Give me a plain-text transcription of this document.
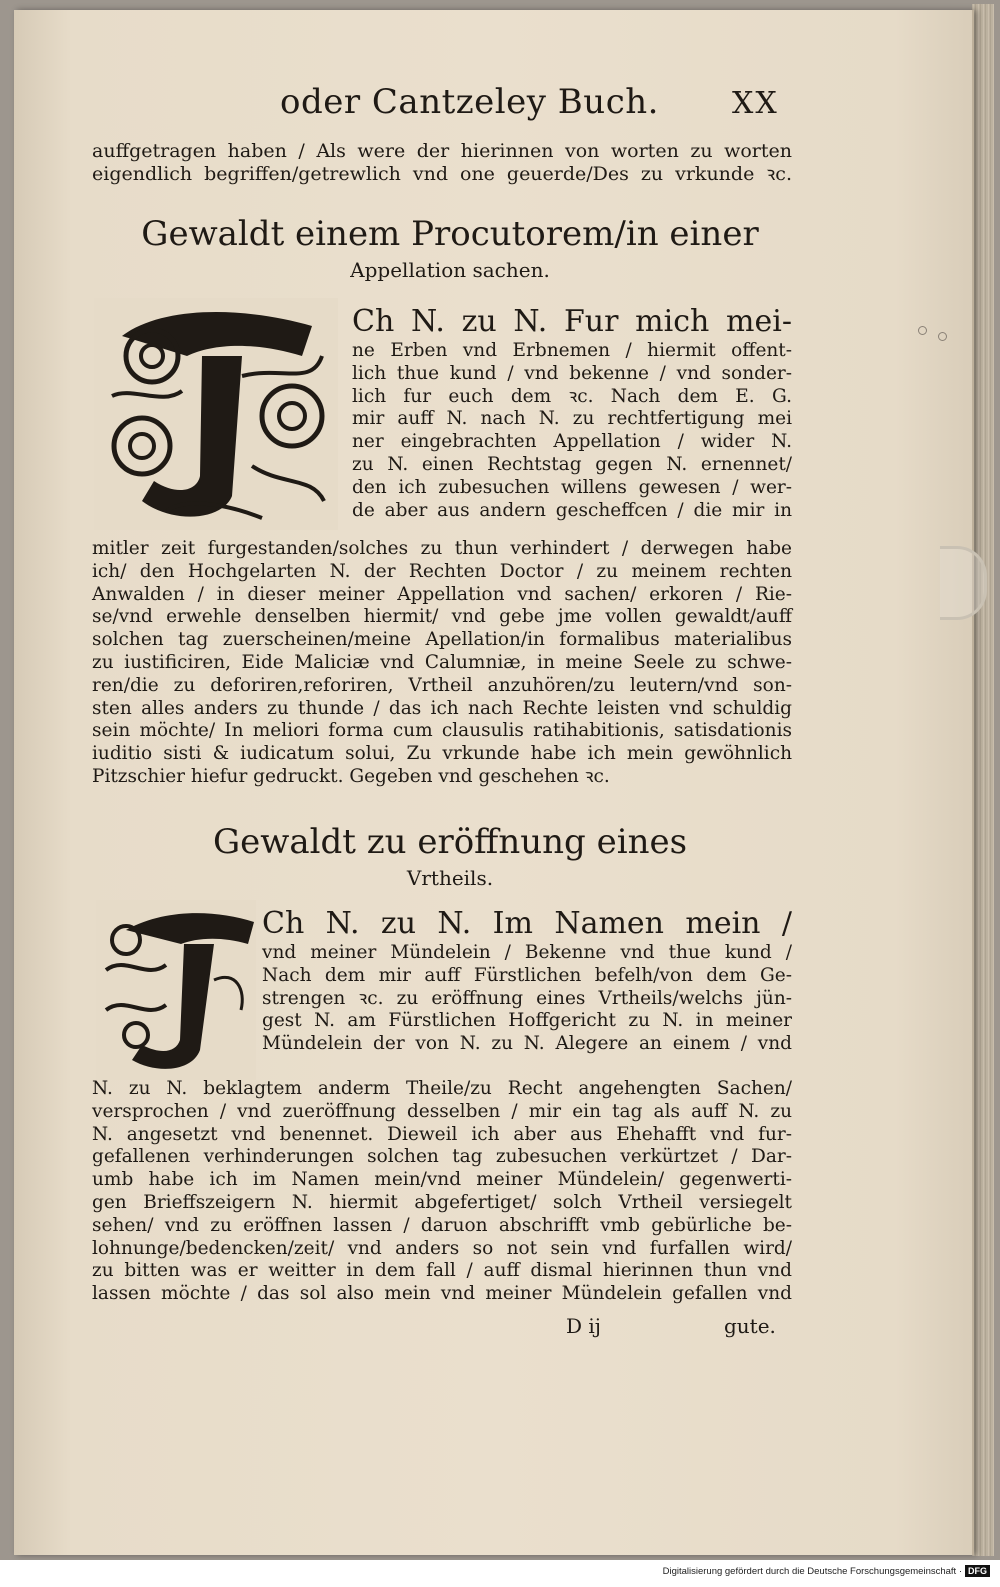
oder Cantzeley Buch. XX
auffgetragen haben / Als were der hierinnen von worten zu worten
eigendlich begriffen/getrewlich vnd one geuerde/Des zu vrkunde ꝛc.
Gewaldt einem Procutorem/in einer
Appellation sachen.
Ch N. zu N. Fur mich mei-
ne Erben vnd Erbnemen / hiermit offent-
lich thue kund / vnd bekenne / vnd sonder-
lich fur euch dem ꝛc. Nach dem E. G.
mir auff N. nach N. zu rechtfertigung mei
ner eingebrachten Appellation / wider N.
zu N. einen Rechtstag gegen N. ernennet/
den ich zubesuchen willens gewesen / wer-
de aber aus andern gescheffcen / die mir in
mitler zeit furgestanden/solches zu thun verhindert / derwegen habe
ich/ den Hochgelarten N. der Rechten Doctor / zu meinem rechten
Anwalden / in dieser meiner Appellation vnd sachen/ erkoren / Rie-
se/vnd erwehle denselben hiermit/ vnd gebe jme vollen gewaldt/auff
solchen tag zuerscheinen/meine Apellation/in formalibus materialibus
zu iustificiren, Eide Maliciæ vnd Calumniæ, in meine Seele zu schwe-
ren/die zu deforiren,reforiren, Vrtheil anzuhören/zu leutern/vnd son-
sten alles anders zu thunde / das ich nach Rechte leisten vnd schuldig
sein möchte/ In meliori forma cum clausulis ratihabitionis, satisdationis
iuditio sisti & iudicatum solui, Zu vrkunde habe ich mein gewöhnlich
Pitzschier hiefur gedruckt. Gegeben vnd geschehen ꝛc.
Gewaldt zu eröffnung eines
Vrtheils.
Ch N. zu N. Im Namen mein /
vnd meiner Mündelein / Bekenne vnd thue kund /
Nach dem mir auff Fürstlichen befelh/von dem Ge-
strengen ꝛc. zu eröffnung eines Vrtheils/welchs jün-
gest N. am Fürstlichen Hoffgericht zu N. in meiner
Mündelein der von N. zu N. Alegere an einem / vnd
N. zu N. beklagtem anderm Theile/zu Recht angehengten Sachen/
versprochen / vnd zueröffnung desselben / mir ein tag als auff N. zu
N. angesetzt vnd benennet. Dieweil ich aber aus Ehehafft vnd fur-
gefallenen verhinderungen solchen tag zubesuchen verkürtzet / Dar-
umb habe ich im Namen mein/vnd meiner Mündelein/ gegenwerti-
gen Brieffszeigern N. hiermit abgefertiget/ solch Vrtheil versiegelt
sehen/ vnd zu eröffnen lassen / daruon abschrifft vmb gebürliche be-
lohnunge/bedencken/zeit/ vnd anders so not sein vnd furfallen wird/
zu bitten was er weitter in dem fall / auff dismal hierinnen thun vnd
lassen möchte / das sol also mein vnd meiner Mündelein gefallen vnd
D ij	gute.
Digitalisierung gefördert durch die Deutsche Forschungsgemeinschaft · DFG
